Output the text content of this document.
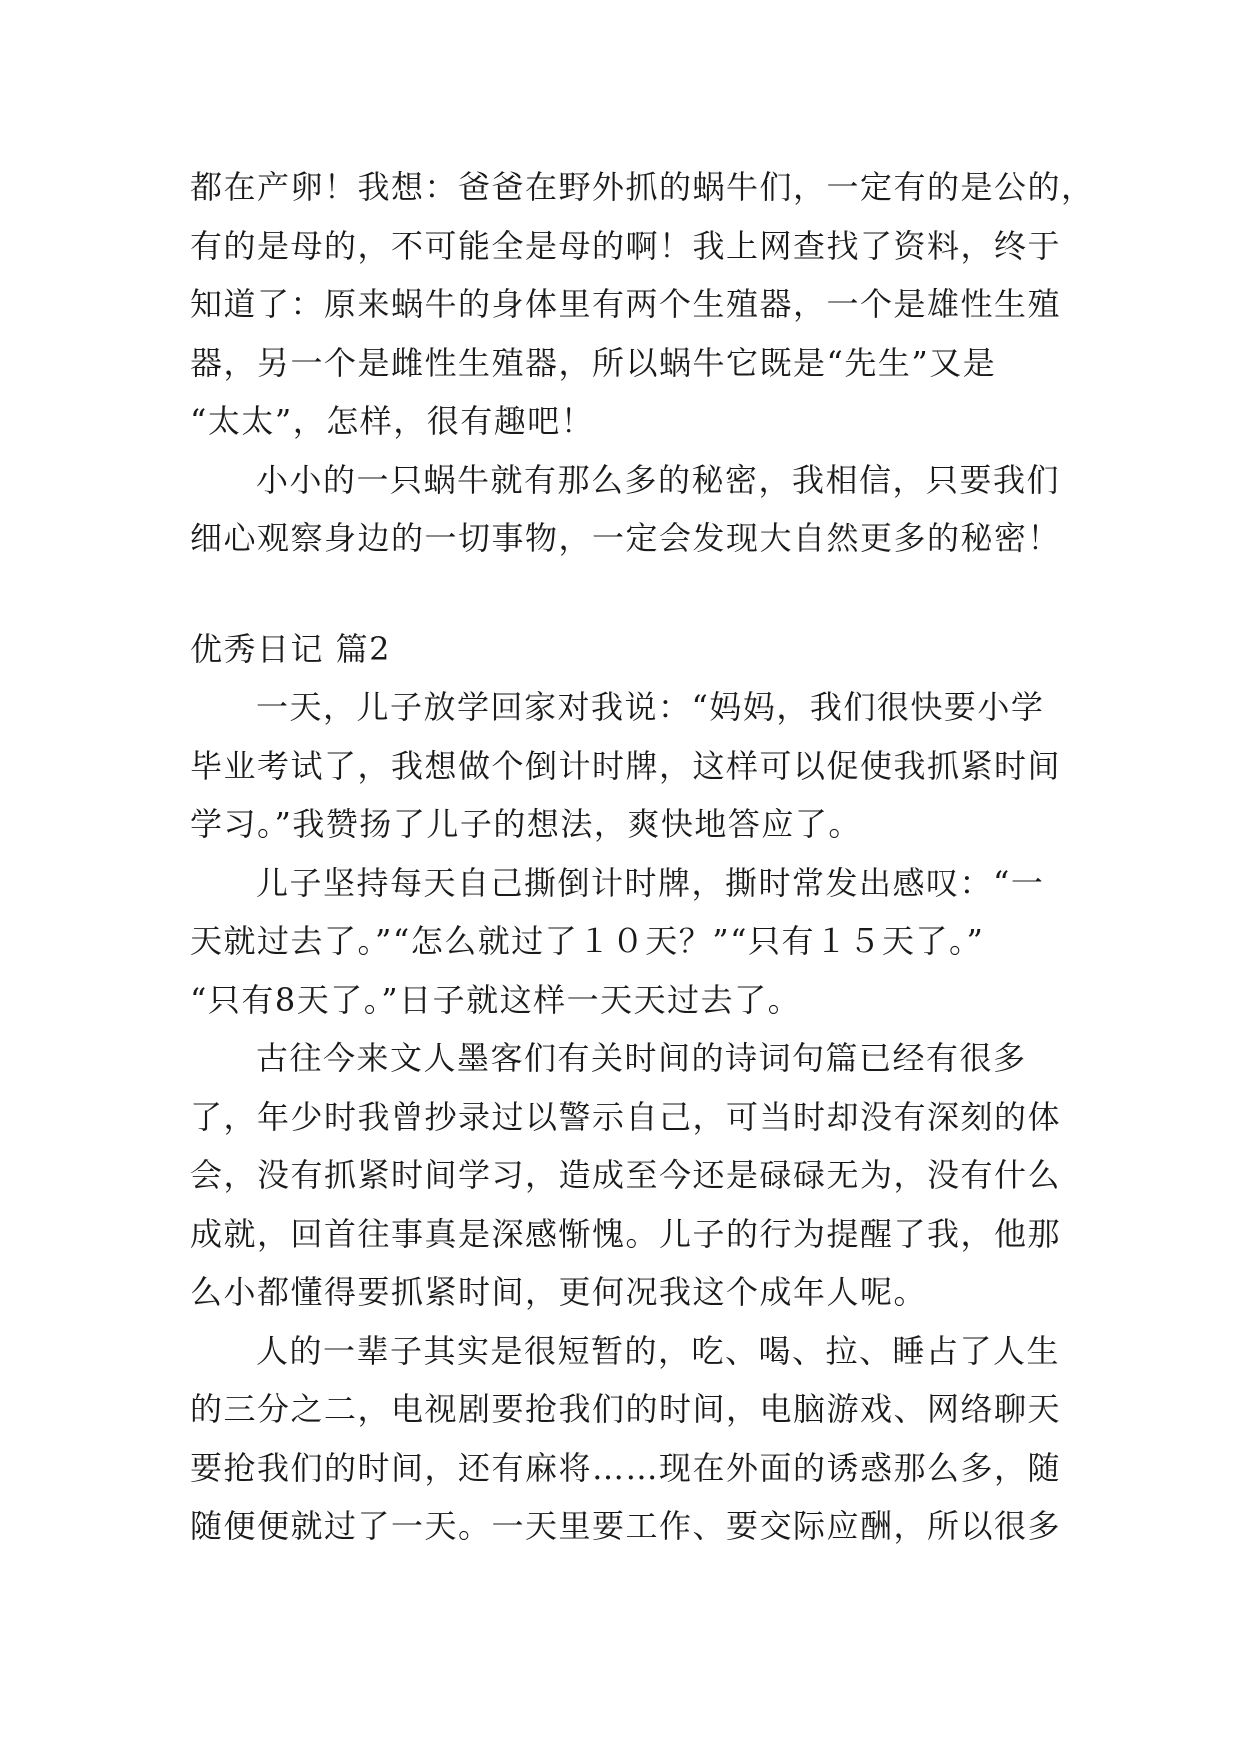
都在产卵！我想：爸爸在野外抓的蜗牛们，一定有的是公的，
有的是母的，不可能全是母的啊！我上网查找了资料，终于
知道了：原来蜗牛的身体里有两个生殖器，一个是雄性生殖
器，另一个是雌性生殖器，所以蜗牛它既是“先生”又是
“太太”，怎样，很有趣吧！
小小的一只蜗牛就有那么多的秘密，我相信，只要我们
细心观察身边的一切事物，一定会发现大自然更多的秘密！
优秀日记 篇2
一天，儿子放学回家对我说：“妈妈，我们很快要小学
毕业考试了，我想做个倒计时牌，这样可以促使我抓紧时间
学习。”我赞扬了儿子的想法，爽快地答应了。
儿子坚持每天自己撕倒计时牌，撕时常发出感叹：“一
天就过去了。”“怎么就过了１０天？”“只有１５天了。”
“只有8天了。”日子就这样一天天过去了。
古往今来文人墨客们有关时间的诗词句篇已经有很多
了，年少时我曾抄录过以警示自己，可当时却没有深刻的体
会，没有抓紧时间学习，造成至今还是碌碌无为，没有什么
成就，回首往事真是深感惭愧。儿子的行为提醒了我，他那
么小都懂得要抓紧时间，更何况我这个成年人呢。
人的一辈子其实是很短暂的，吃、喝、拉、睡占了人生
的三分之二，电视剧要抢我们的时间，电脑游戏、网络聊天
要抢我们的时间，还有麻将……现在外面的诱惑那么多，随
随便便就过了一天。一天里要工作、要交际应酬，所以很多
